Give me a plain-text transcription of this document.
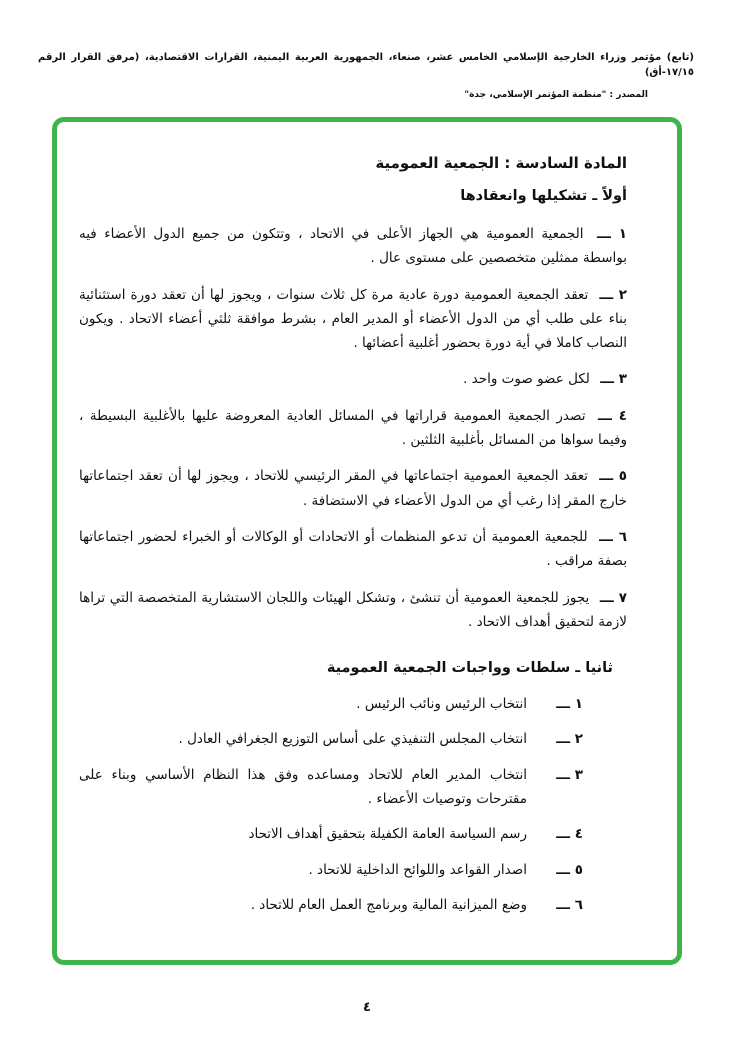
(تابع) مؤتمر وزراء الخارجية الإسلامي الخامس عشر، صنعاء، الجمهورية العربية اليمنية، القرارات الاقتصادية، (مرفق القرار الرقم ١٧/١٥-أق)
المصدر : "منظمة المؤتمر الإسلامي، جدة"
المادة السادسة : الجمعية العمومية
أولاً ـ تشكيلها وانعقادها

١ ـــ الجمعية العمومية هي الجهاز الأعلى في الاتحاد ، وتتكون من جميع الدول الأعضاء فيه بواسطة ممثلين متخصصين على مستوى عال .

٢ ـــ تعقد الجمعية العمومية دورة عادية مرة كل ثلاث سنوات ، ويجوز لها أن تعقد دورة استثنائية بناء على طلب أي من الدول الأعضاء أو المدير العام ، بشرط موافقة ثلثي أعضاء الاتحاد . ويكون النصاب كاملا في أية دورة بحضور أغلبية أعضائها .

٣ ـــ لكل عضو صوت واحد .

٤ ـــ تصدر الجمعية العمومية قراراتها في المسائل العادية المعروضة عليها بالأغلبية البسيطة ، وفيما سواها من المسائل بأغلبية الثلثين .

٥ ـــ تعقد الجمعية العمومية اجتماعاتها في المقر الرئيسي للاتحاد ، ويجوز لها أن تعقد اجتماعاتها خارج المقر إذا رغب أي من الدول الأعضاء في الاستضافة .

٦ ـــ للجمعية العمومية أن تدعو المنظمات أو الاتحادات أو الوكالات أو الخبراء لحضور اجتماعاتها بصفة مراقب .

٧ ـــ يجوز للجمعية العمومية أن تنشئ ، وتشكل الهيئات واللجان الاستشارية المتخصصة التي تراها لازمة لتحقيق أهداف الاتحاد .

ثانيا ـ سلطات وواجبات الجمعية العمومية
١ ـــ
انتخاب الرئيس ونائب الرئيس .
٢ ـــ
انتخاب المجلس التنفيذي على أساس التوزيع الجغرافي العادل .
٣ ـــ
انتخاب المدير العام للاتحاد ومساعده وفق هذا النظام الأساسي وبناء على مقترحات وتوصيات الأعضاء .
٤ ـــ
رسم السياسة العامة الكفيلة بتحقيق أهداف الاتحاد
٥ ـــ
اصدار القواعد واللوائح الداخلية للاتحاد .
٦ ـــ
وضع الميزانية المالية وبرنامج العمل العام للاتحاد .
٤
